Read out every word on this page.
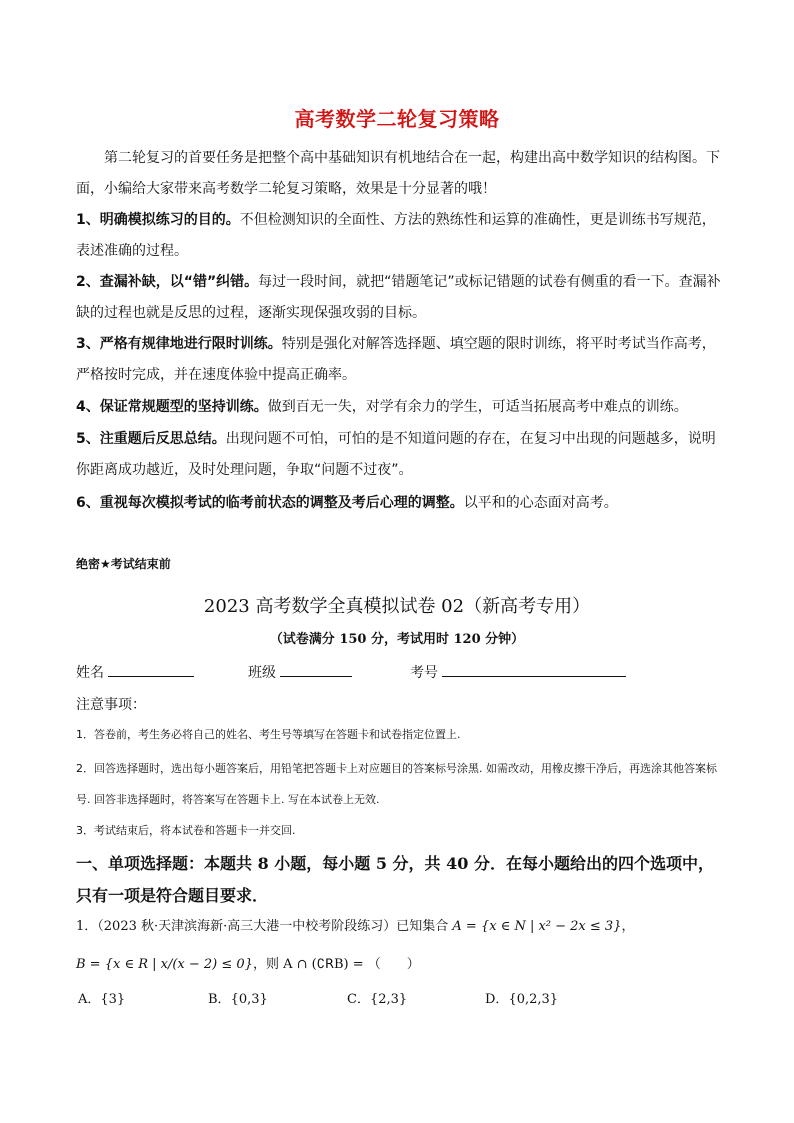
高考数学二轮复习策略
第二轮复习的首要任务是把整个高中基础知识有机地结合在一起，构建出高中数学知识的结构图。下面，小编给大家带来高考数学二轮复习策略，效果是十分显著的哦！
1、明确模拟练习的目的。不但检测知识的全面性、方法的熟练性和运算的准确性，更是训练书写规范，表述准确的过程。
2、查漏补缺，以“错”纠错。每过一段时间，就把“错题笔记”或标记错题的试卷有侧重的看一下。查漏补缺的过程也就是反思的过程，逐渐实现保强攻弱的目标。
3、严格有规律地进行限时训练。特别是强化对解答选择题、填空题的限时训练，将平时考试当作高考，严格按时完成，并在速度体验中提高正确率。
4、保证常规题型的坚持训练。做到百无一失，对学有余力的学生，可适当拓展高考中难点的训练。
5、注重题后反思总结。出现问题不可怕，可怕的是不知道问题的存在，在复习中出现的问题越多，说明你距离成功越近，及时处理问题，争取“问题不过夜”。
6、重视每次模拟考试的临考前状态的调整及考后心理的调整。以平和的心态面对高考。
绝密★考试结束前
2023 高考数学全真模拟试卷 02（新高考专用）
（试卷满分 150 分，考试用时 120 分钟）
姓名	班级	考号
注意事项：
1．答卷前，考生务必将自己的姓名、考生号等填写在答题卡和试卷指定位置上.
2．回答选择题时，选出每小题答案后，用铅笔把答题卡上对应题目的答案标号涂黑. 如需改动，用橡皮擦干净后，再选涂其他答案标号. 回答非选择题时，将答案写在答题卡上. 写在本试卷上无效.
3．考试结束后，将本试卷和答题卡一并交回.
一、单项选择题：本题共 8 小题，每小题 5 分，共 40 分．在每小题给出的四个选项中，只有一项是符合题目要求．
1．（2023 秋·天津滨海新·高三大港一中校考阶段练习）已知集合 A = {x ∈ N | x² − 2x ≤ 3}，
B = {x ∈ R | x/(x − 2) ≤ 0}，则 A ∩ (∁ꓣB) = （　　）
A．{3}	B．{0,3}	C．{2,3}	D．{0,2,3}
